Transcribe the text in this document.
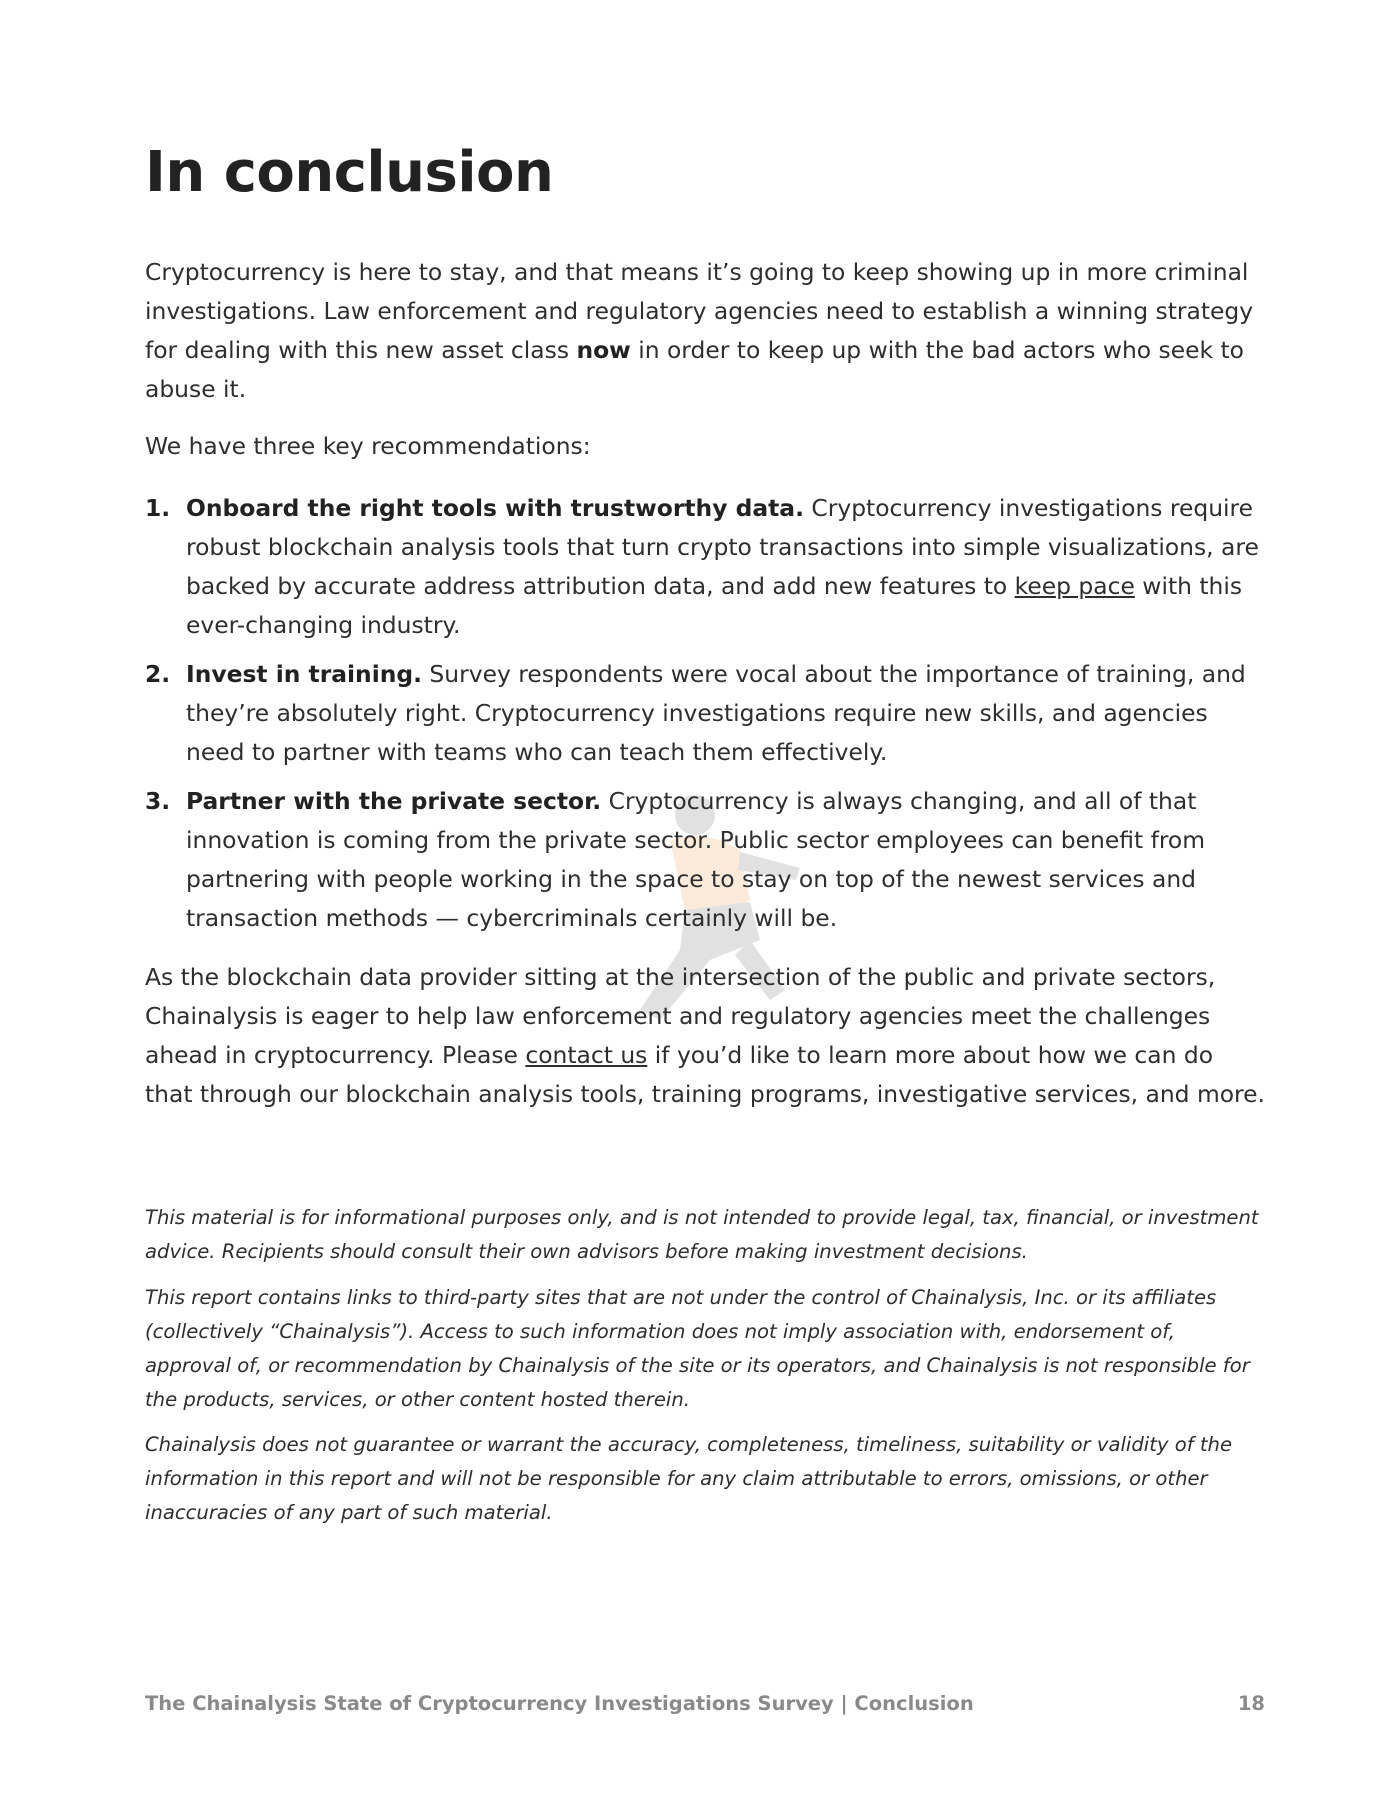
In conclusion

Cryptocurrency is here to stay, and that means it’s going to keep showing up in more criminal investigations. Law enforcement and regulatory agencies need to establish a winning strategy for dealing with this new asset class now in order to keep up with the bad actors who seek to abuse it.

We have three key recommendations:

1. Onboard the right tools with trustworthy data. Cryptocurrency investigations require robust blockchain analysis tools that turn crypto transactions into simple visualizations, are backed by accurate address attribution data, and add new features to keep pace with this ever-changing industry.
2. Invest in training. Survey respondents were vocal about the importance of training, and they’re absolutely right. Cryptocurrency investigations require new skills, and agencies need to partner with teams who can teach them effectively.
3. Partner with the private sector. Cryptocurrency is always changing, and all of that innovation is coming from the private sector. Public sector employees can benefit from partnering with people working in the space to stay on top of the newest services and transaction methods — cybercriminals certainly will be.

As the blockchain data provider sitting at the intersection of the public and private sectors, Chainalysis is eager to help law enforcement and regulatory agencies meet the challenges ahead in cryptocurrency. Please contact us if you’d like to learn more about how we can do that through our blockchain analysis tools, training programs, investigative services, and more.

This material is for informational purposes only, and is not intended to provide legal, tax, financial, or investment advice. Recipients should consult their own advisors before making investment decisions.

This report contains links to third-party sites that are not under the control of Chainalysis, Inc. or its affiliates (collectively “Chainalysis”). Access to such information does not imply association with, endorsement of, approval of, or recommendation by Chainalysis of the site or its operators, and Chainalysis is not responsible for the products, services, or other content hosted therein.

Chainalysis does not guarantee or warrant the accuracy, completeness, timeliness, suitability or validity of the information in this report and will not be responsible for any claim attributable to errors, omissions, or other inaccuracies of any part of such material.

The Chainalysis State of Cryptocurrency Investigations Survey | Conclusion	18
